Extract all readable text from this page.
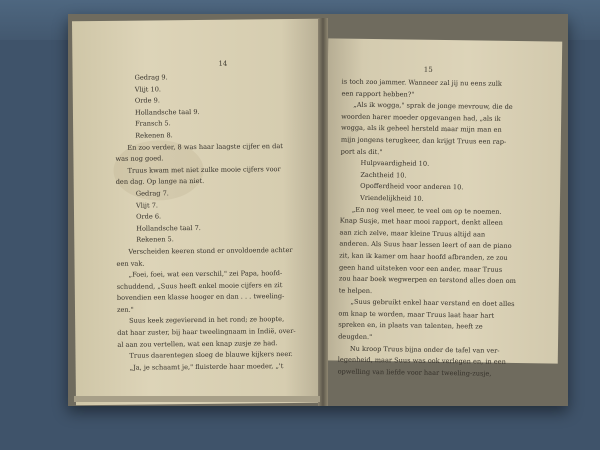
14
Gedrag 9.
Vlijt 10.
Orde 9.
Hollandsche taal 9.
Fransch 5.
Rekenen 8.
En zoo verder, 8 was haar laagste cijfer en dat
was nog goed.
Truus kwam met niet zulke mooie cijfers voor
den dag. Op lange na niet.
Gedrag 7.
Vlijt 7.
Orde 6.
Hollandsche taal 7.
Rekenen 5.
Verscheiden keeren stond er onvoldoende achter
een vak.
„Foei, foei, wat een verschil," zei Papa, hoofd-
schuddend, „Suus heeft enkel mooie cijfers en zit
bovendien een klasse hooger en dan . . . tweeling-
zen."
Suus keek zegevierend in het rond; ze hoopte,
dat haar zuster, bij haar tweelingnaam in Indië, over-
al aan zou vertellen, wat een knap zusje ze had.
Truus daarentegen sloeg de blauwe kijkers neer.
„Ja, je schaamt je," fluisterde haar moeder, „'t
15
is toch zoo jammer. Wanneer zal jij nu eens zulk
een rapport hebben?"
„Als ik wogga," sprak de jonge mevrouw, die de
woorden harer moeder opgevangen had, „als ik
wogga, als ik geheel hersteld maar mijn man en
mijn jongens terugkeer, dan krijgt Truus een rap-
port als dit."
Hulpvaardigheid 10.
Zachtheid 10.
Opofferdheid voor anderen 10.
Vriendelijkheid 10.
„En nog veel meer, te veel om op te noemen.
Knap Susje, met haar mooi rapport, denkt alleen
aan zich zelve, maar kleine Truus altijd aan
anderen. Als Suus haar lessen leert of aan de piano
zit, kan ik kamer om haar hoofd afbranden, ze zou
geen hand uitsteken voor een ander, maar Truus
zou haar boek wegwerpen en terstond alles doen om
te helpen.
„Suus gebruikt enkel haar verstand en doet alles
om knap te worden, maar Truus laat haar hart
spreken en, in plaats van talenten, heeft ze
deugden."
Nu kroop Truus bijna onder de tafel van ver-
legenheid, maar Suus was ook verlegen en, in een
opwelling van liefde voor haar tweeling-zusje,
